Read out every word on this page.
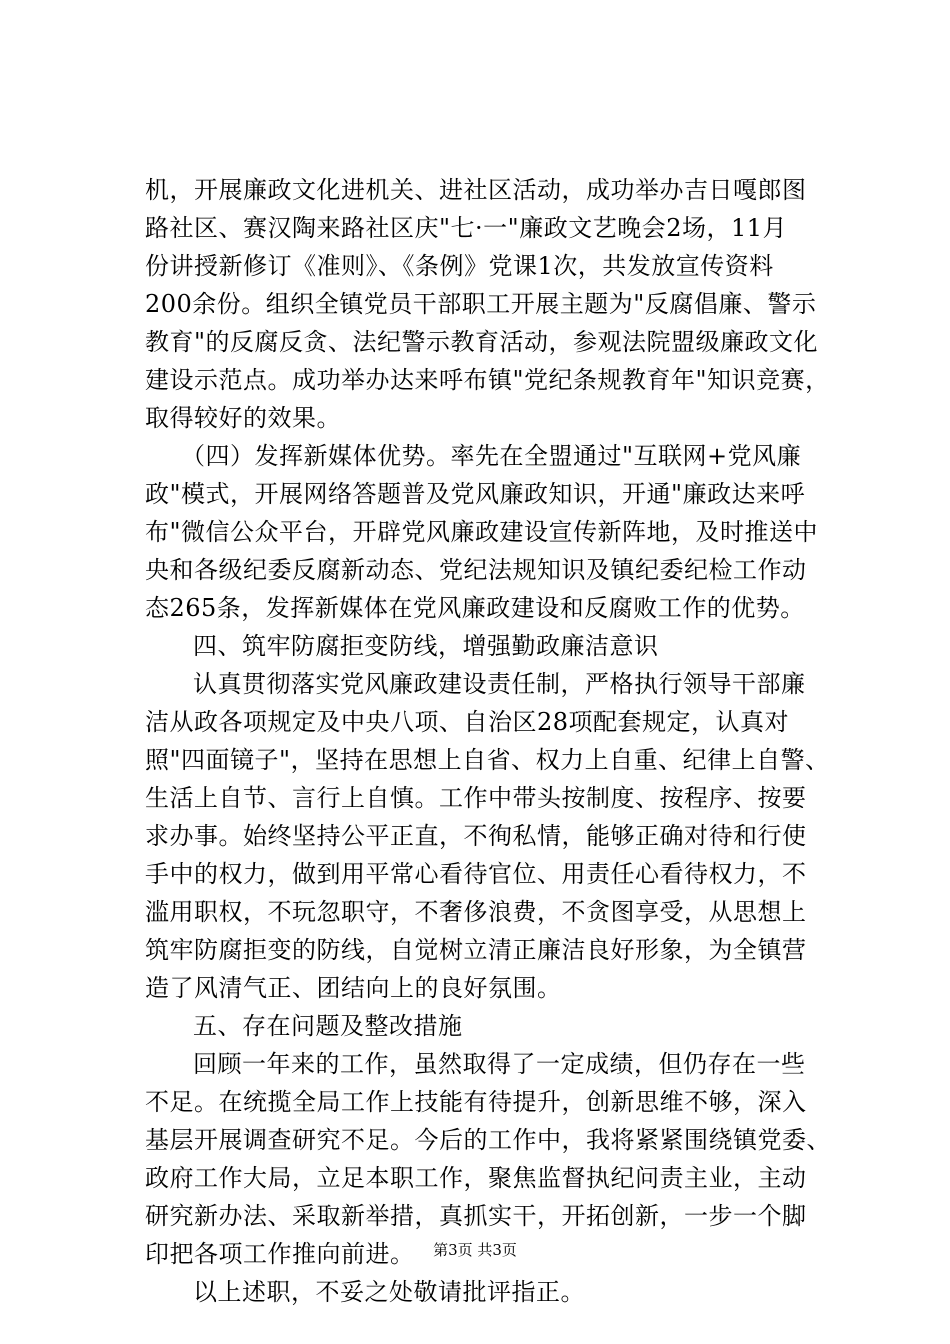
机，开展廉政文化进机关、进社区活动，成功举办吉日嘎郎图
路社区、赛汉陶来路社区庆"七·一"廉政文艺晚会2场，11月
份讲授新修订《准则》、《条例》党课1次，共发放宣传资料
200余份。组织全镇党员干部职工开展主题为"反腐倡廉、警示
教育"的反腐反贪、法纪警示教育活动，参观法院盟级廉政文化
建设示范点。成功举办达来呼布镇"党纪条规教育年"知识竞赛，
取得较好的效果。
（四）发挥新媒体优势。率先在全盟通过"互联网+党风廉
政"模式，开展网络答题普及党风廉政知识，开通"廉政达来呼
布"微信公众平台，开辟党风廉政建设宣传新阵地，及时推送中
央和各级纪委反腐新动态、党纪法规知识及镇纪委纪检工作动
态265条，发挥新媒体在党风廉政建设和反腐败工作的优势。
四、筑牢防腐拒变防线，增强勤政廉洁意识
认真贯彻落实党风廉政建设责任制，严格执行领导干部廉
洁从政各项规定及中央八项、自治区28项配套规定，认真对
照"四面镜子"，坚持在思想上自省、权力上自重、纪律上自警、
生活上自节、言行上自慎。工作中带头按制度、按程序、按要
求办事。始终坚持公平正直，不徇私情，能够正确对待和行使
手中的权力，做到用平常心看待官位、用责任心看待权力，不
滥用职权，不玩忽职守，不奢侈浪费，不贪图享受，从思想上
筑牢防腐拒变的防线，自觉树立清正廉洁良好形象，为全镇营
造了风清气正、团结向上的良好氛围。
五、存在问题及整改措施
回顾一年来的工作，虽然取得了一定成绩，但仍存在一些
不足。在统揽全局工作上技能有待提升，创新思维不够，深入
基层开展调查研究不足。今后的工作中，我将紧紧围绕镇党委、
政府工作大局，立足本职工作，聚焦监督执纪问责主业，主动
研究新办法、采取新举措，真抓实干，开拓创新，一步一个脚
印把各项工作推向前进。
以上述职，不妥之处敬请批评指正。
第3页 共3页
